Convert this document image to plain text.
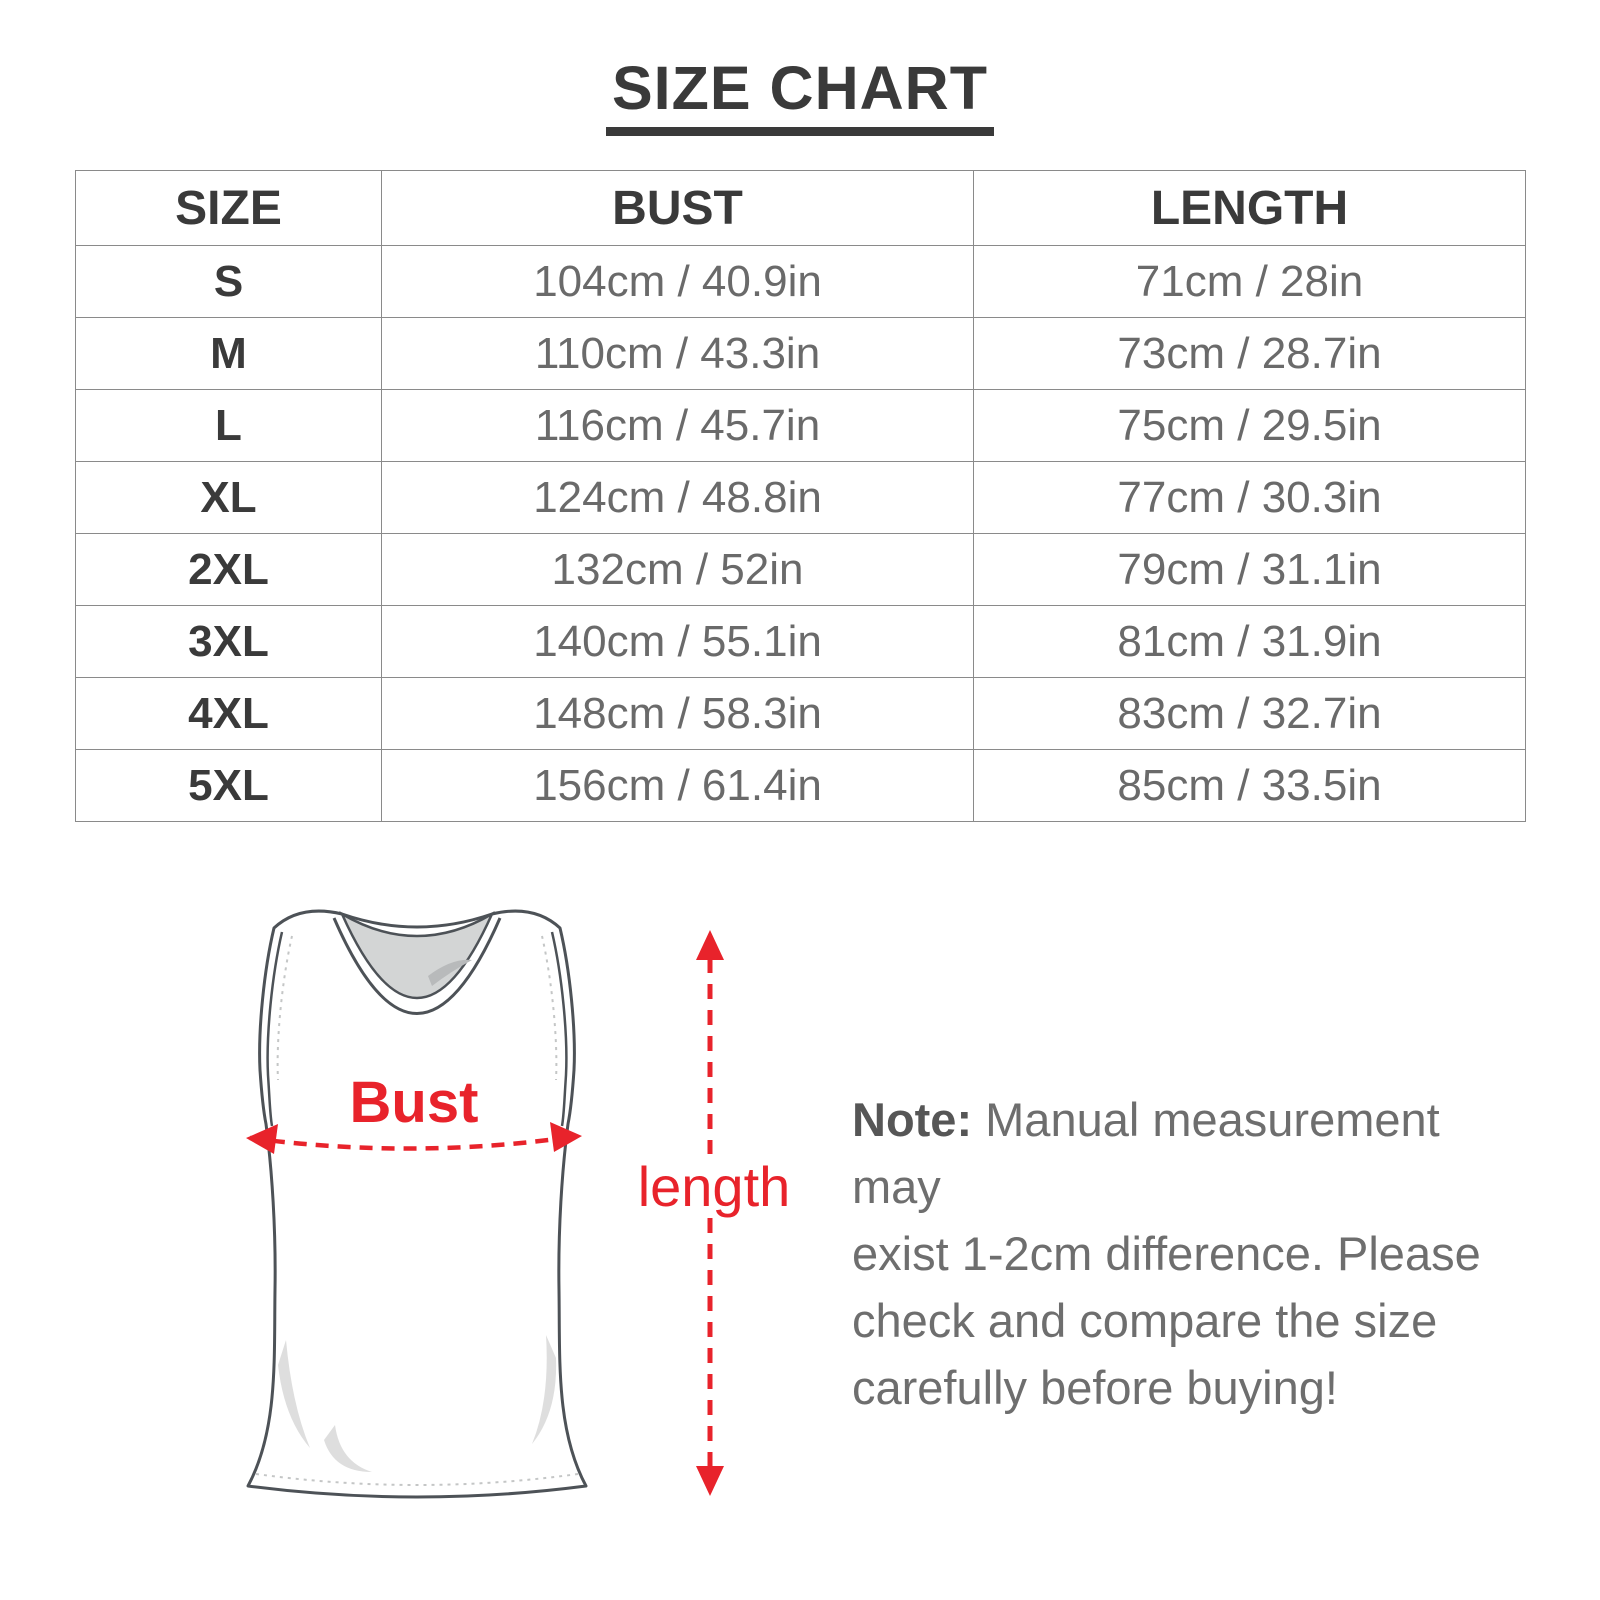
SIZE CHART
SIZE	BUST	LENGTH
S	104cm / 40.9in	71cm / 28in
M	110cm / 43.3in	73cm / 28.7in
L	116cm / 45.7in	75cm / 29.5in
XL	124cm / 48.8in	77cm / 30.3in
2XL	132cm / 52in	79cm / 31.1in
3XL	140cm / 55.1in	81cm / 31.9in
4XL	148cm / 58.3in	83cm / 32.7in
5XL	156cm / 61.4in	85cm / 33.5in
Bust
length
Note: Manual measurement may
exist 1-2cm difference. Please
check and compare the size
carefully before buying!
